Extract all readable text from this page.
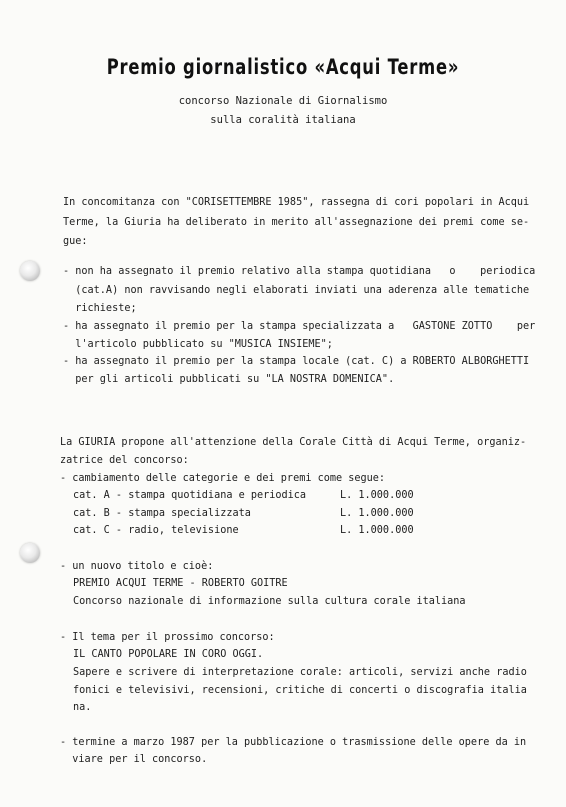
Premio giornalistico «Acqui Terme»
concorso Nazionale di Giornalismo
sulla coralità italiana
In concomitanza con "CORISETTEMBRE 1985", rassegna di cori popolari in Acqui
Terme, la Giuria ha deliberato in merito all'assegnazione dei premi come se-
gue:
- non ha assegnato il premio relativo alla stampa quotidiana   o    periodica
(cat.A) non ravvisando negli elaborati inviati una aderenza alle tematiche
richieste;
- ha assegnato il premio per la stampa specializzata a   GASTONE ZOTTO    per
l'articolo pubblicato su "MUSICA INSIEME";
- ha assegnato il premio per la stampa locale (cat. C) a ROBERTO ALBORGHETTI
per gli articoli pubblicati su "LA NOSTRA DOMENICA".
La GIURIA propone all'attenzione della Corale Città di Acqui Terme, organiz-
zatrice del concorso:
- cambiamento delle categorie e dei premi come segue:
cat. A - stampa quotidiana e periodica	L. 1.000.000
cat. B - stampa specializzata	L. 1.000.000
cat. C - radio, televisione	L. 1.000.000
- un nuovo titolo e cioè:
PREMIO ACQUI TERME - ROBERTO GOITRE
Concorso nazionale di informazione sulla cultura corale italiana
- Il tema per il prossimo concorso:
IL CANTO POPOLARE IN CORO OGGI.
Sapere e scrivere di interpretazione corale: articoli, servizi anche radio
fonici e televisivi, recensioni, critiche di concerti o discografia italia
na.
- termine a marzo 1987 per la pubblicazione o trasmissione delle opere da in
viare per il concorso.
